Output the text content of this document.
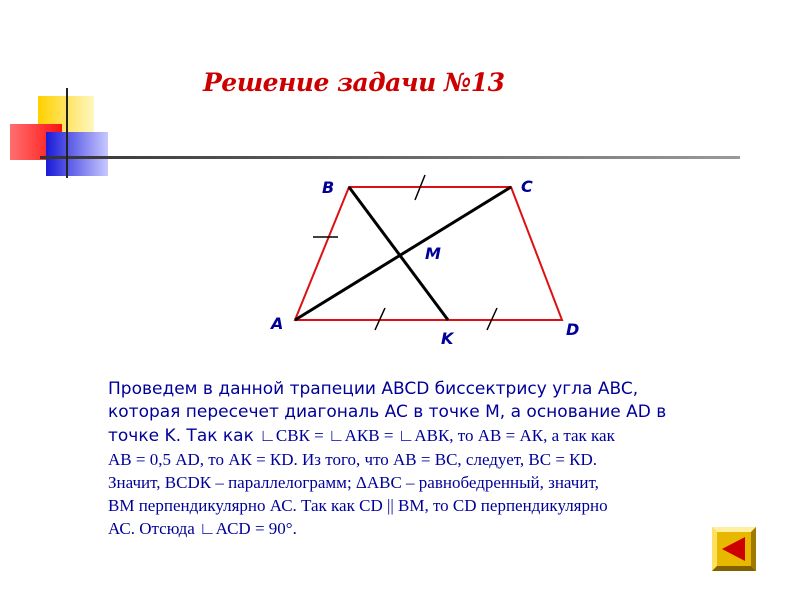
Решение задачи №13
B	C
M
A
K	D
Проведем в данной трапеции ABCD биссектрису угла ABC,
которая пересечет диагональ AC в точке M, а основание AD в
точке K. Так как ∟СВК = ∟АКВ = ∟АВК, то АВ = АК, а так как
АВ = 0,5 АD, то АК = КD. Из того, что АВ = ВС, следует, ВС = КD.
Значит, ВСDК – параллелограмм; ΔАВС – равнобедренный, значит,
ВМ перпендикулярно АС. Так как СD || ВМ, то СD перпендикулярно
АС. Отсюда ∟АСD = 90°.
